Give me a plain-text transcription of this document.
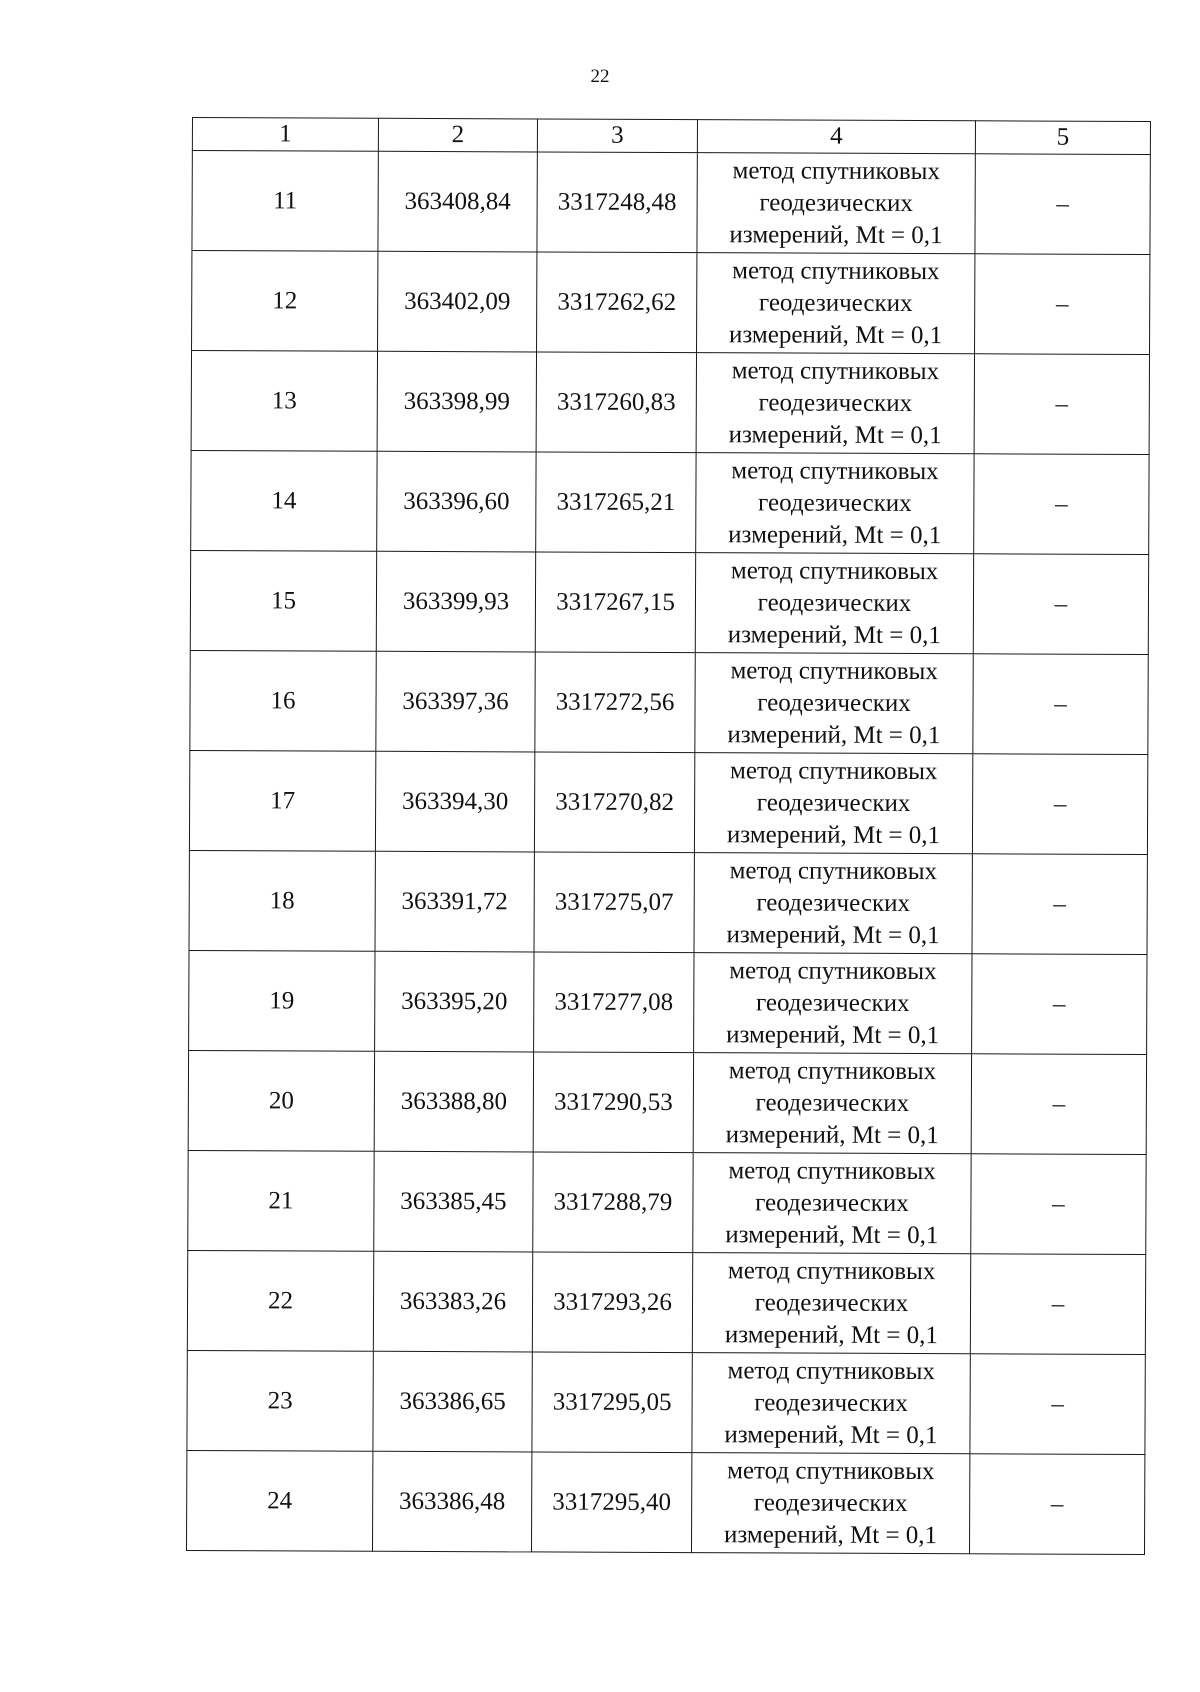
22
1	2	3	4	5
11	363408,84	3317248,48	метод спутниковых
геодезических
измерений, Mt = 0,1	–
12	363402,09	3317262,62	метод спутниковых
геодезических
измерений, Mt = 0,1	–
13	363398,99	3317260,83	метод спутниковых
геодезических
измерений, Mt = 0,1	–
14	363396,60	3317265,21	метод спутниковых
геодезических
измерений, Mt = 0,1	–
15	363399,93	3317267,15	метод спутниковых
геодезических
измерений, Mt = 0,1	–
16	363397,36	3317272,56	метод спутниковых
геодезических
измерений, Mt = 0,1	–
17	363394,30	3317270,82	метод спутниковых
геодезических
измерений, Mt = 0,1	–
18	363391,72	3317275,07	метод спутниковых
геодезических
измерений, Mt = 0,1	–
19	363395,20	3317277,08	метод спутниковых
геодезических
измерений, Mt = 0,1	–
20	363388,80	3317290,53	метод спутниковых
геодезических
измерений, Mt = 0,1	–
21	363385,45	3317288,79	метод спутниковых
геодезических
измерений, Mt = 0,1	–
22	363383,26	3317293,26	метод спутниковых
геодезических
измерений, Mt = 0,1	–
23	363386,65	3317295,05	метод спутниковых
геодезических
измерений, Mt = 0,1	–
24	363386,48	3317295,40	метод спутниковых
геодезических
измерений, Mt = 0,1	–
